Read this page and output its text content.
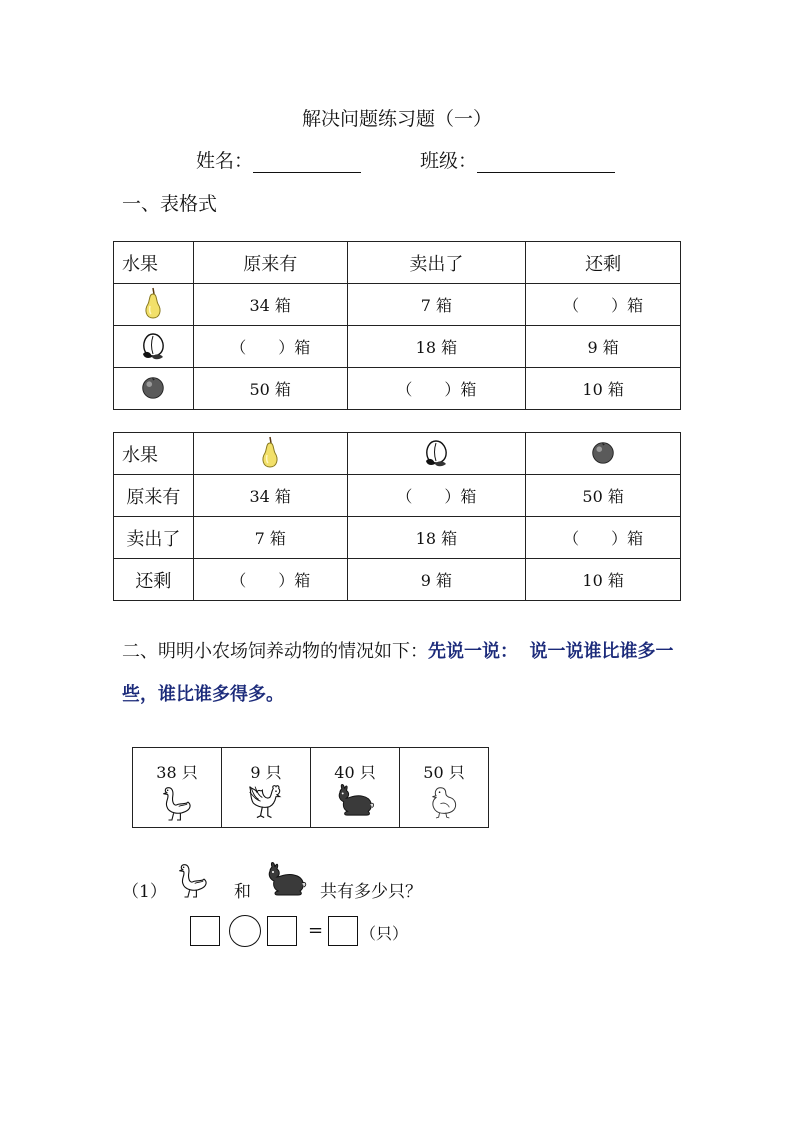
解决问题练习题（一）
姓名：	班级：
一、表格式
水果	原来有	卖出了	还剩
	34 箱	7 箱	（　　）箱
	（　　）箱	18 箱	9 箱
	50 箱	（　　）箱	10 箱
水果			
原来有	34 箱	（　　）箱	50 箱
卖出了	7 箱	18 箱	（　　）箱
还剩	（　　）箱	9 箱	10 箱
二、明明小农场饲养动物的情况如下：先说一说： 说一说谁比谁多一些，谁比谁多得多。
38 只	9 只	40 只	50 只
（1）	和	共有多少只？
= （只）
